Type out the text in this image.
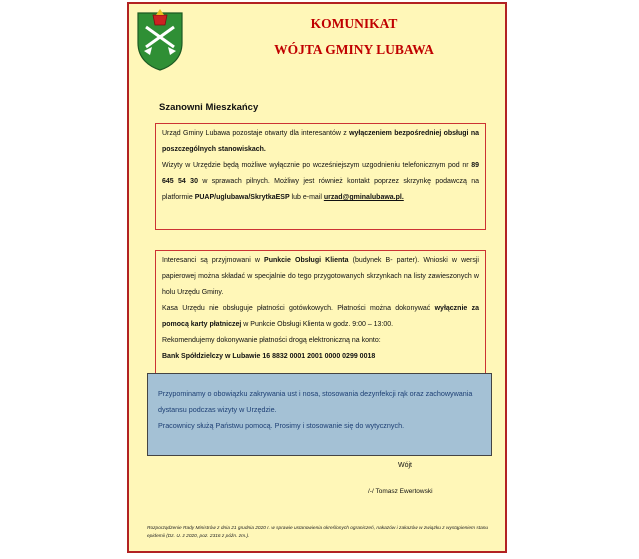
KOMUNIKAT
WÓJTA GMINY LUBAWA
Szanowni Mieszkańcy

Urząd Gminy Lubawa pozostaje otwarty dla interesantów z wyłączeniem bezpośredniej obsługi na poszczególnych stanowiskach.

Wizyty w Urzędzie będą możliwe wyłącznie po wcześniejszym uzgodnieniu telefonicznym pod nr 89 645 54 30 w sprawach pilnych. Możliwy jest również kontakt poprzez skrzynkę podawczą na platformie PUAP/uglubawa/SkrytkaESP lub e-mail urzad@gminalubawa.pl.

Interesanci są przyjmowani w Punkcie Obsługi Klienta (budynek B- parter). Wnioski w wersji papierowej można składać w specjalnie do tego przygotowanych skrzynkach na listy zawieszonych w holu Urzędu Gminy.

Kasa Urzędu nie obsługuje płatności gotówkowych. Płatności można dokonywać wyłącznie za pomocą karty płatniczej w Punkcie Obsługi Klienta w godz. 9:00 – 13:00.

Rekomendujemy dokonywanie płatności drogą elektroniczną na konto:

Bank Spółdzielczy w Lubawie 16 8832 0001 2001 0000 0299 0018

Przypominamy o obowiązku zakrywania ust i nosa, stosowania dezynfekcji rąk oraz zachowywania dystansu podczas wizyty w Urzędzie.

Pracownicy służą Państwu pomocą. Prosimy i stosowanie się do wytycznych.

Wójt
/-/ Tomasz Ewertowski
Rozporządzenie Rady Ministrów z dnia 21 grudnia 2020 r. w sprawie ustanowienia określonych ograniczeń, nakazów i zakazów w związku z wystąpieniem stanu epidemii (Dz. U. z 2020, poz. 2316 z późn. zm.).
